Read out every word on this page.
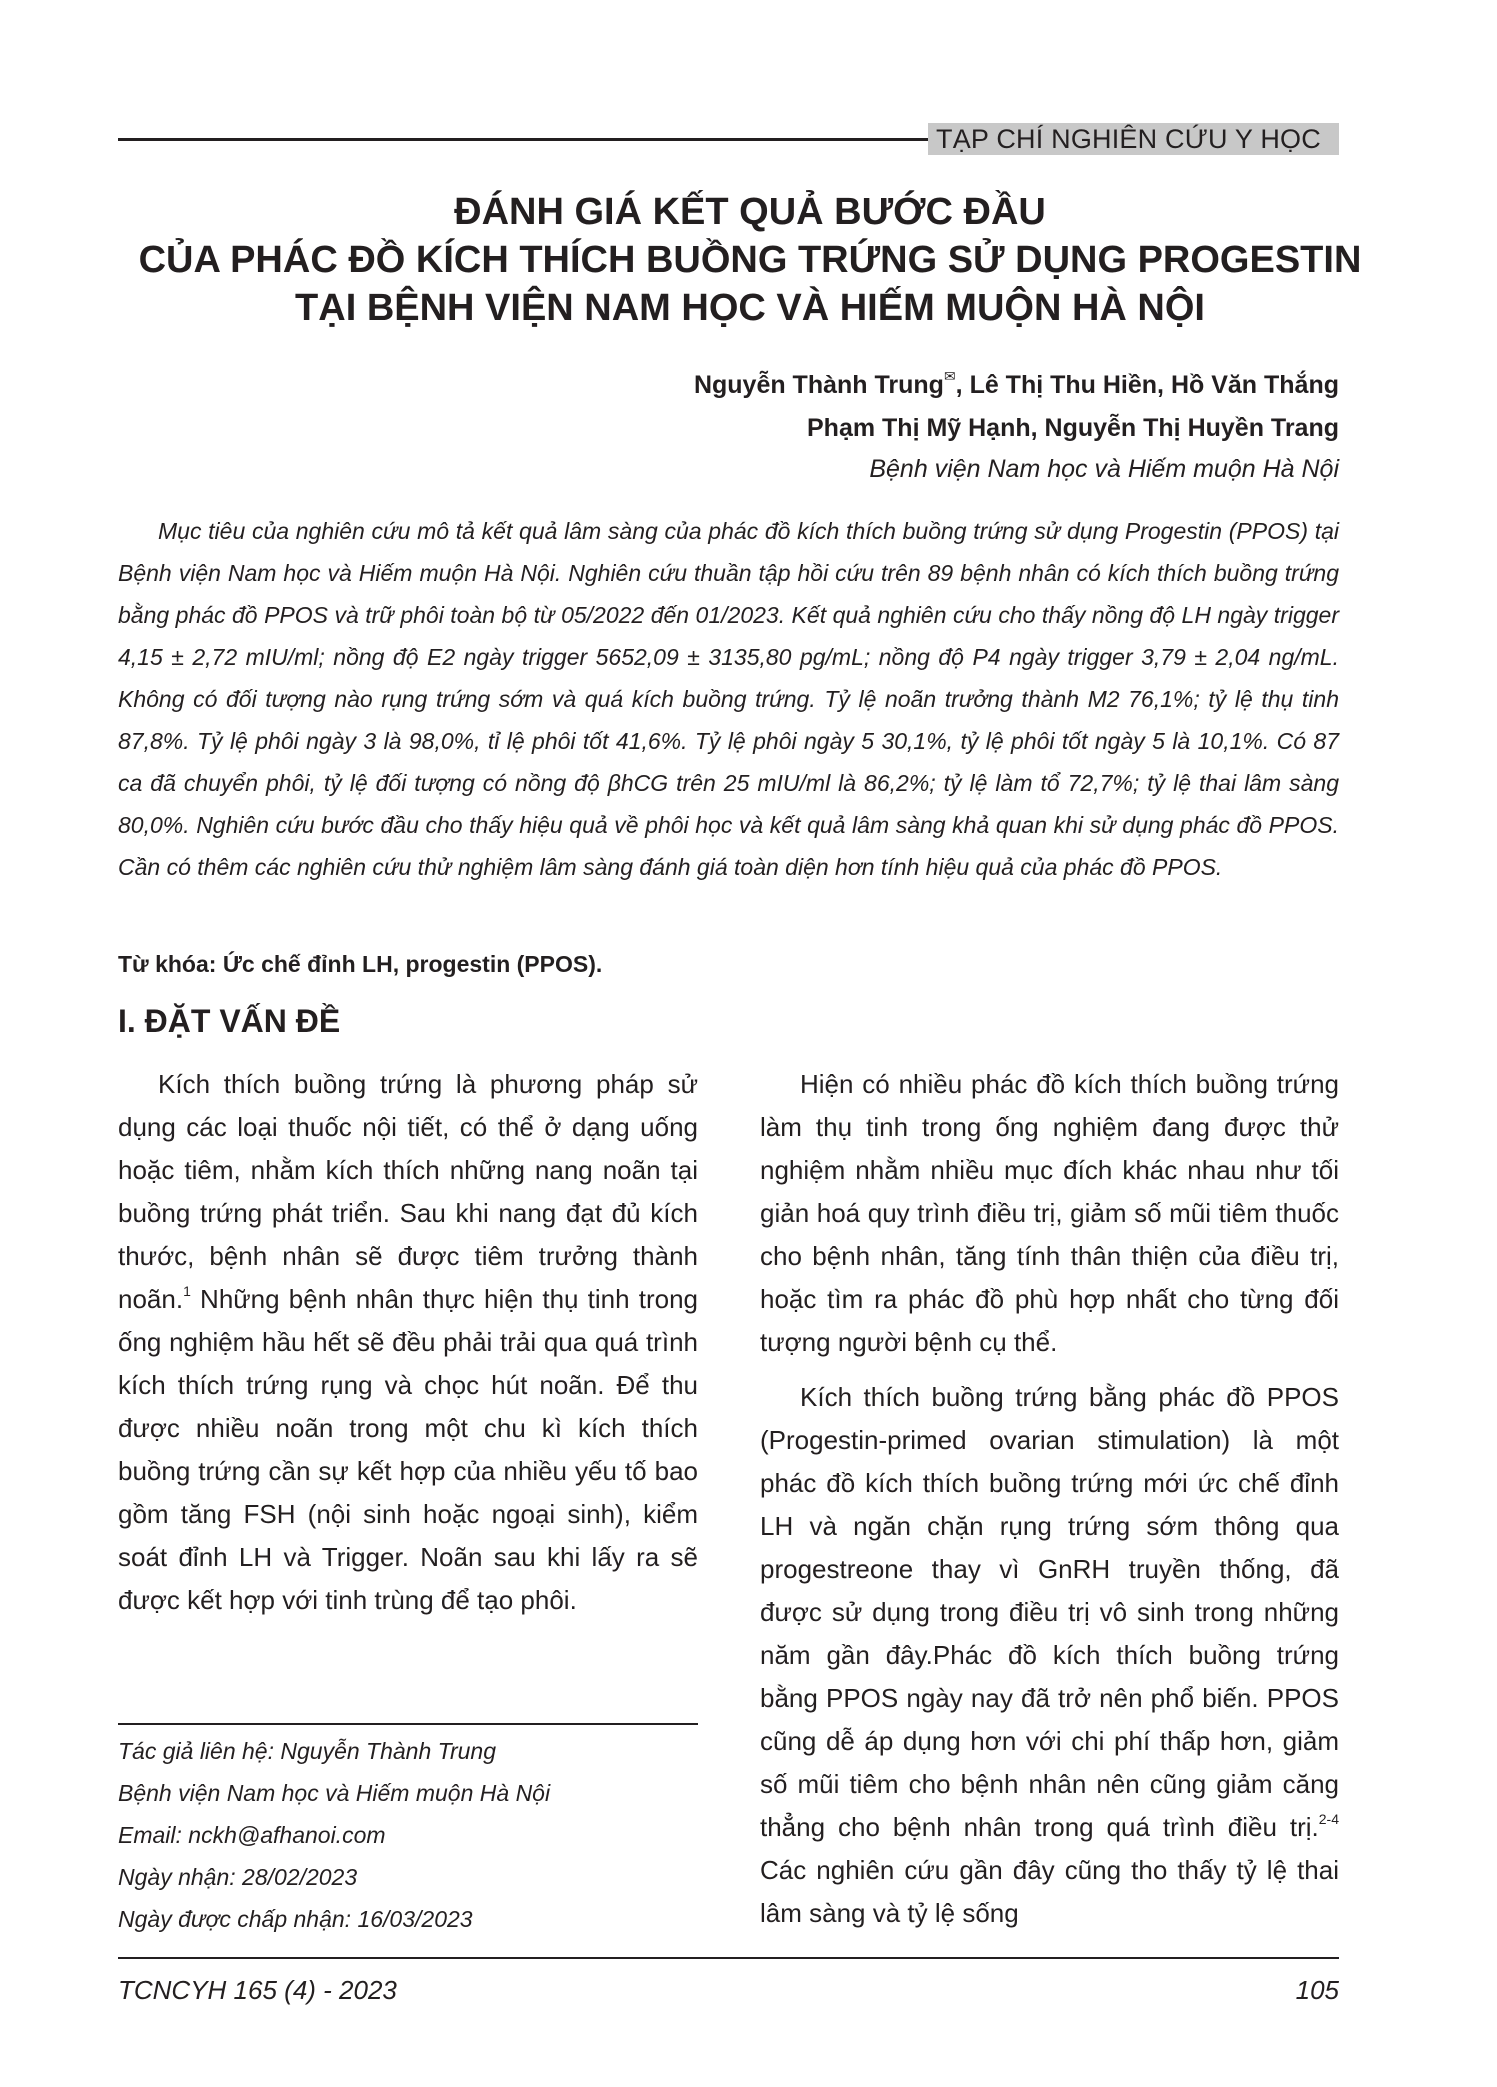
TẠP CHÍ NGHIÊN CỨU Y HỌC
ĐÁNH GIÁ KẾT QUẢ BƯỚC ĐẦU
CỦA PHÁC ĐỒ KÍCH THÍCH BUỒNG TRỨNG SỬ DỤNG PROGESTIN
TẠI BỆNH VIỆN NAM HỌC VÀ HIẾM MUỘN HÀ NỘI
Nguyễn Thành Trung✉, Lê Thị Thu Hiền, Hồ Văn Thắng
Phạm Thị Mỹ Hạnh, Nguyễn Thị Huyền Trang
Bệnh viện Nam học và Hiếm muộn Hà Nội

Mục tiêu của nghiên cứu mô tả kết quả lâm sàng của phác đồ kích thích buồng trứng sử dụng Progestin (PPOS) tại Bệnh viện Nam học và Hiếm muộn Hà Nội. Nghiên cứu thuần tập hồi cứu trên 89 bệnh nhân có kích thích buồng trứng bằng phác đồ PPOS và trữ phôi toàn bộ từ 05/2022 đến 01/2023. Kết quả nghiên cứu cho thấy nồng độ LH ngày trigger 4,15 ± 2,72 mIU/ml; nồng độ E2 ngày trigger 5652,09 ± 3135,80 pg/mL; nồng độ P4 ngày trigger 3,79 ± 2,04 ng/mL. Không có đối tượng nào rụng trứng sớm và quá kích buồng trứng. Tỷ lệ noãn trưởng thành M2 76,1%; tỷ lệ thụ tinh 87,8%. Tỷ lệ phôi ngày 3 là 98,0%, tỉ lệ phôi tốt 41,6%. Tỷ lệ phôi ngày 5 30,1%, tỷ lệ phôi tốt ngày 5 là 10,1%. Có 87 ca đã chuyển phôi, tỷ lệ đối tượng có nồng độ βhCG trên 25 mIU/ml là 86,2%; tỷ lệ làm tổ 72,7%; tỷ lệ thai lâm sàng 80,0%. Nghiên cứu bước đầu cho thấy hiệu quả về phôi học và kết quả lâm sàng khả quan khi sử dụng phác đồ PPOS. Cần có thêm các nghiên cứu thử nghiệm lâm sàng đánh giá toàn diện hơn tính hiệu quả của phác đồ PPOS.

Từ khóa: Ức chế đỉnh LH, progestin (PPOS).
I. ĐẶT VẤN ĐỀ

Kích thích buồng trứng là phương pháp sử dụng các loại thuốc nội tiết, có thể ở dạng uống hoặc tiêm, nhằm kích thích những nang noãn tại buồng trứng phát triển. Sau khi nang đạt đủ kích thước, bệnh nhân sẽ được tiêm trưởng thành noãn.$^1$ Những bệnh nhân thực hiện thụ tinh trong ống nghiệm hầu hết sẽ đều phải trải qua quá trình kích thích trứng rụng và chọc hút noãn. Để thu được nhiều noãn trong một chu kì kích thích buồng trứng cần sự kết hợp của nhiều yếu tố bao gồm tăng FSH (nội sinh hoặc ngoại sinh), kiểm soát đỉnh LH và Trigger. Noãn sau khi lấy ra sẽ được kết hợp với tinh trùng để tạo phôi.

Hiện có nhiều phác đồ kích thích buồng trứng làm thụ tinh trong ống nghiệm đang được thử nghiệm nhằm nhiều mục đích khác nhau như tối giản hoá quy trình điều trị, giảm số mũi tiêm thuốc cho bệnh nhân, tăng tính thân thiện của điều trị, hoặc tìm ra phác đồ phù hợp nhất cho từng đối tượng người bệnh cụ thể.

Kích thích buồng trứng bằng phác đồ PPOS (Progestin-primed ovarian stimulation) là một phác đồ kích thích buồng trứng mới ức chế đỉnh LH và ngăn chặn rụng trứng sớm thông qua progestreone thay vì GnRH truyền thống, đã được sử dụng trong điều trị vô sinh trong những năm gần đây.Phác đồ kích thích buồng trứng bằng PPOS ngày nay đã trở nên phổ biến. PPOS cũng dễ áp dụng hơn với chi phí thấp hơn, giảm số mũi tiêm cho bệnh nhân nên cũng giảm căng thẳng cho bệnh nhân trong quá trình điều trị.$^{2-4}$ Các nghiên cứu gần đây cũng tho thấy tỷ lệ thai lâm sàng và tỷ lệ sống

Tác giả liên hệ: Nguyễn Thành Trung
Bệnh viện Nam học và Hiếm muộn Hà Nội
Email: nckh@afhanoi.com
Ngày nhận: 28/02/2023
Ngày được chấp nhận: 16/03/2023
TCNCYH 165 (4) - 2023	105
